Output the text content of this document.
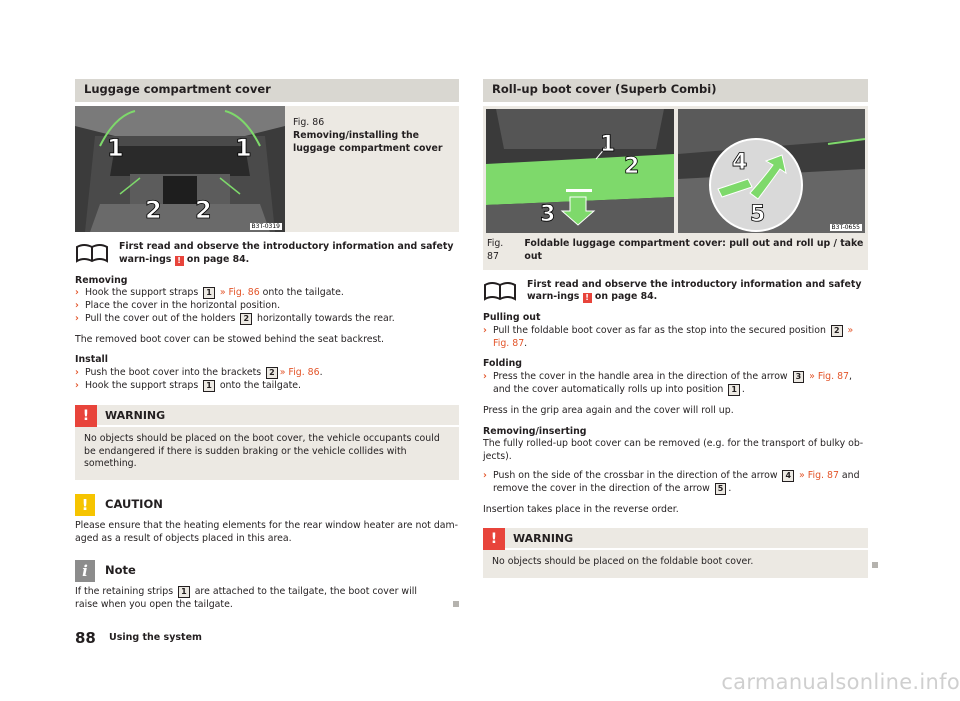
Luggage compartment cover
1	1
2 2
B3T-0319
Fig. 86
Removing/installing the luggage compartment cover

First read and observe the introductory information and safety warn-ings ! on page 84.

Removing
› Hook the support straps 1 » Fig. 86 onto the tailgate.
› Place the cover in the horizontal position.
› Pull the cover out of the holders 2 horizontally towards the rear.

The removed boot cover can be stowed behind the seat backrest.

Install
› Push the boot cover into the brackets 2 » Fig. 86.
› Hook the support straps 1 onto the tailgate.
!	WARNING
No objects should be placed on the boot cover, the vehicle occupants could be endangered if there is sudden braking or the vehicle collides with something.
!	CAUTION

Please ensure that the heating elements for the rear window heater are not dam-aged as a result of objects placed in this area.

i	Note

If the retaining strips 1 are attached to the tailgate, the boot cover will raise when you open the tailgate.

Roll-up boot cover (Superb Combi)
1
2
3
4
5
B3T-0655
Fig. 87
Foldable luggage compartment cover: pull out and roll up / take out

First read and observe the introductory information and safety warn-ings ! on page 84.

Pulling out
› Pull the foldable boot cover as far as the stop into the secured position 2 » Fig. 87.
Folding
› Press the cover in the handle area in the direction of the arrow 3 » Fig. 87, and the cover automatically rolls up into position 1 .

Press in the grip area again and the cover will roll up.

Removing/inserting

The fully rolled-up boot cover can be removed (e.g. for the transport of bulky ob-jects).

› Push on the side of the crossbar in the direction of the arrow 4 » Fig. 87 and remove the cover in the direction of the arrow 5 .

Insertion takes place in the reverse order.

!	WARNING
No objects should be placed on the foldable boot cover.
88 Using the system
carmanualsonline.info
